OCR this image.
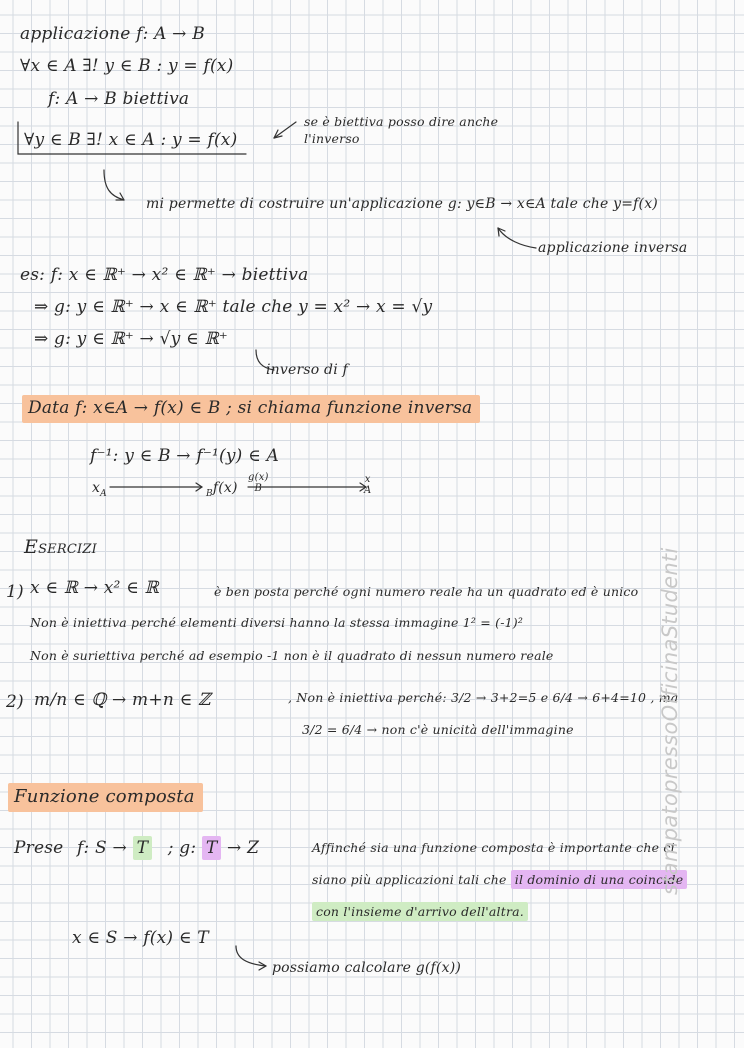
applicazione f: A → B
∀x ∈ A ∃! y ∈ B : y = f(x)
f: A → B biettiva
∀y ∈ B ∃! x ∈ A : y = f(x)
se è biettiva posso dire anche l'inverso
mi permette di costruire un'applicazione g: y∈B → x∈A tale che y=f(x)
applicazione inversa
es: f: x ∈ ℝ⁺ → x² ∈ ℝ⁺ → biettiva
⇒ g: y ∈ ℝ⁺ → x ∈ ℝ⁺ tale che y = x² → x = √y
⇒ g: y ∈ ℝ⁺ → √y ∈ ℝ⁺
inverso di f
Data f: x∈A → f(x) ∈ B ; si chiama funzione inversa
f⁻¹: y ∈ B → f⁻¹(y) ∈ A
$x_A$	$_B$f(x)
g(x)
B
x
A
Esercizi
1) x ∈ ℝ → x² ∈ ℝ	è ben posta perché ogni numero reale ha un quadrato ed è unico
Non è iniettiva perché elementi diversi hanno la stessa immagine 1² = (-1)²
Non è suriettiva perché ad esempio -1 non è il quadrato di nessun numero reale
2) m/n ∈ ℚ → m+n ∈ ℤ	, Non è iniettiva perché: 3/2 → 3+2=5 e 6/4 → 6+4=10 , ma
3/2 = 6/4 → non c'è unicità dell'immagine
Funzione composta
Prese f: S → T ; g: T → Z	Affinché sia una funzione composta è importante che ci
siano più applicazioni tali che il dominio di una coincide
con l'insieme d'arrivo dell'altra.
x ∈ S → f(x) ∈ T
possiamo calcolare g(f(x))
stampatopressoOfficinaStudenti
